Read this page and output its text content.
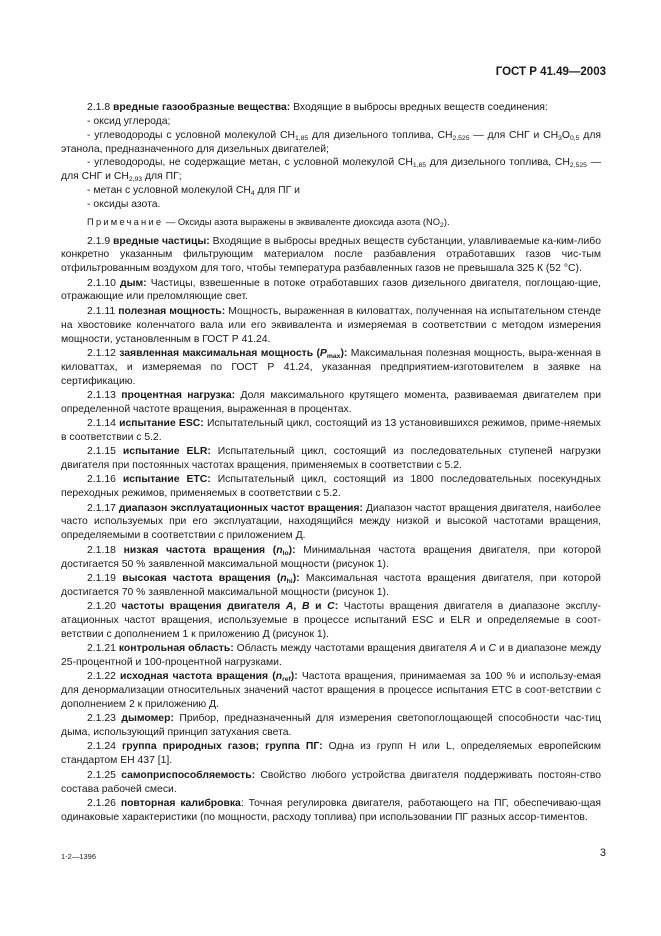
ГОСТ Р 41.49—2003

2.1.8 вредные газообразные вещества: Входящие в выбросы вредных веществ соединения:

- оксид углерода;

- углеводороды с условной молекулой $СН_{1,85}$ для дизельного топлива, $СН_{2,525}$ — для СНГ и $СН_3О_{0,5}$ для этанола, предназначенного для дизельных двигателей;

- углеводороды, не содержащие метан, с условной молекулой $СН_{1,85}$ для дизельного топлива, $СН_{2,525}$ — для СНГ и $СН_{2,93}$ для ПГ;

- метан с условной молекулой $СН_4$ для ПГ и

- оксиды азота.

Примечание — Оксиды азота выражены в эквиваленте диоксида азота $(NO_2)$.

2.1.9 вредные частицы: Входящие в выбросы вредных веществ субстанции, улавливаемые ка-ким-либо конкретно указанным фильтрующим материалом после разбавления отработавших газов чис-тым отфильтрованным воздухом для того, чтобы температура разбавленных газов не превышала 325 К (52 °С).

2.1.10 дым: Частицы, взвешенные в потоке отработавших газов дизельного двигателя, поглощаю-щие, отражающие или преломляющие свет.

2.1.11 полезная мощность: Мощность, выраженная в киловаттах, полученная на испытательном стенде на хвостовике коленчатого вала или его эквивалента и измеряемая в соответствии с методом измерения мощности, установленным в ГОСТ Р 41.24.

2.1.12 заявленная максимальная мощность $(P_{max})$: Максимальная полезная мощность, выра-женная в киловаттах, и измеряемая по ГОСТ Р 41.24, указанная предприятием-изготовителем в заявке на сертификацию.

2.1.13 процентная нагрузка: Доля максимального крутящего момента, развиваемая двигателем при определенной частоте вращения, выраженная в процентах.

2.1.14 испытание ESC: Испытательный цикл, состоящий из 13 установившихся режимов, приме-няемых в соответствии с 5.2.

2.1.15 испытание ELR: Испытательный цикл, состоящий из последовательных ступеней нагрузки двигателя при постоянных частотах вращения, применяемых в соответствии с 5.2.

2.1.16 испытание ЕТС: Испытательный цикл, состоящий из 1800 последовательных посекундных переходных режимов, применяемых в соответствии с 5.2.

2.1.17 диапазон эксплуатационных частот вращения: Диапазон частот вращения двигателя, наиболее часто используемых при его эксплуатации, находящийся между низкой и высокой частотами вращения, определяемыми в соответствии с приложением Д.

2.1.18 низкая частота вращения $(n_{lo})$: Минимальная частота вращения двигателя, при которой достигается 50 % заявленной максимальной мощности (рисунок 1).

2.1.19 высокая частота вращения $(n_{hi})$: Максимальная частота вращения двигателя, при которой достигается 70 % заявленной максимальной мощности (рисунок 1).

2.1.20 частоты вращения двигателя A, B и C: Частоты вращения двигателя в диапазоне эксплу-атационных частот вращения, используемые в процессе испытаний ESC и ELR и определяемые в соот-ветствии с дополнением 1 к приложению Д (рисунок 1).

2.1.21 контрольная область: Область между частотами вращения двигателя A и C и в диапазоне между 25-процентной и 100-процентной нагрузками.

2.1.22 исходная частота вращения $(n_{ref})$: Частота вращения, принимаемая за 100 % и использу-емая для денормализации относительных значений частот вращения в процессе испытания ЕТС в соот-ветствии с дополнением 2 к приложению Д.

2.1.23 дымомер: Прибор, предназначенный для измерения светопоглощающей способности час-тиц дыма, использующий принцип затухания света.

2.1.24 группа природных газов; группа ПГ: Одна из групп Н или L, определяемых европейским стандартом ЕН 437 [1].

2.1.25 самоприспособляемость: Свойство любого устройства двигателя поддерживать постоян-ство состава рабочей смеси.

2.1.26 повторная калибровка: Точная регулировка двигателя, работающего на ПГ, обеспечиваю-щая одинаковые характеристики (по мощности, расходу топлива) при использовании ПГ разных ассор-тиментов.

1-2—1396	3
